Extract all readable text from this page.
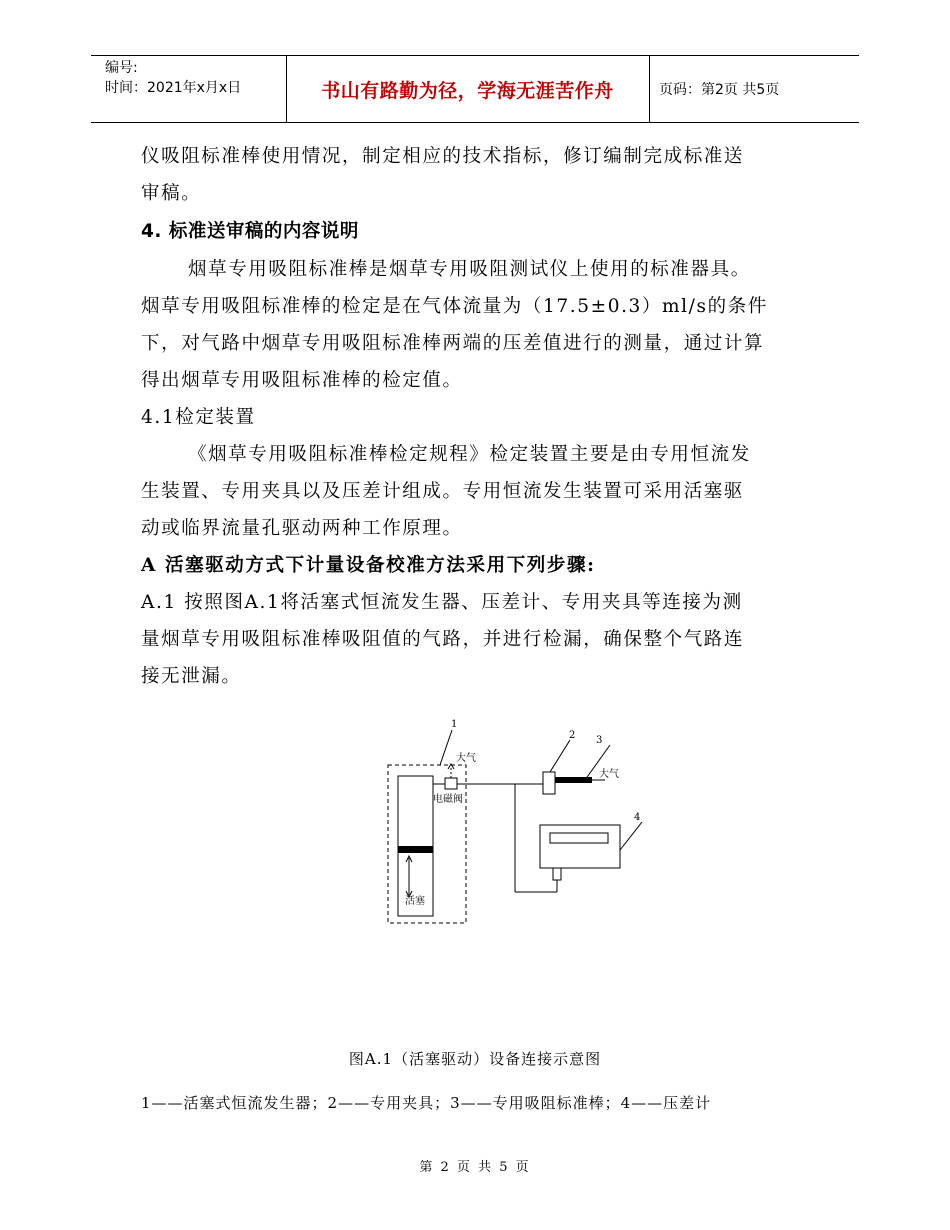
编号:
时间：2021年x月x日	书山有路勤为径，学海无涯苦作舟	页码：第2页 共5页
仪吸阻标准棒使用情况，制定相应的技术指标，修订编制完成标准送
审稿。
4. 标准送审稿的内容说明
烟草专用吸阻标准棒是烟草专用吸阻测试仪上使用的标准器具。
烟草专用吸阻标准棒的检定是在气体流量为（17.5±0.3）ml/s的条件
下，对气路中烟草专用吸阻标准棒两端的压差值进行的测量，通过计算
得出烟草专用吸阻标准棒的检定值。
4.1检定装置
《烟草专用吸阻标准棒检定规程》检定装置主要是由专用恒流发
生装置、专用夹具以及压差计组成。专用恒流发生装置可采用活塞驱
动或临界流量孔驱动两种工作原理。
A 活塞驱动方式下计量设备校准方法采用下列步骤:
A.1 按照图A.1将活塞式恒流发生器、压差计、专用夹具等连接为测
量烟草专用吸阻标准棒吸阻值的气路，并进行检漏，确保整个气路连
接无泄漏。
1
2 3
4
大气
大气
电磁阀
活塞
图A.1（活塞驱动）设备连接示意图
1——活塞式恒流发生器；2——专用夹具；3——专用吸阻标准棒；4——压差计
第 2 页 共 5 页
